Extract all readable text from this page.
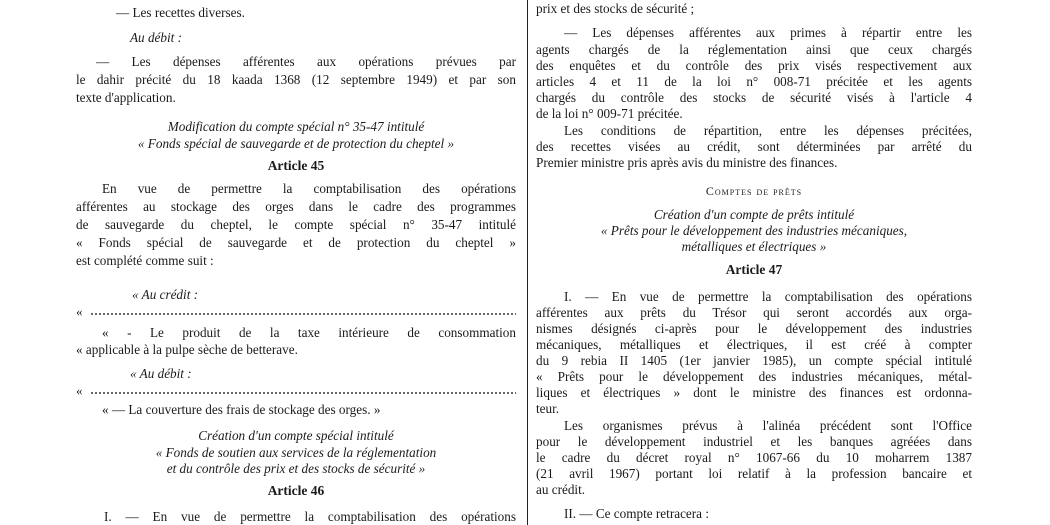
— Les recettes diverses.

Au débit :

— Les dépenses afférentes aux opérations prévues par

le dahir précité du 18 kaada 1368 (12 septembre 1949) et par son

texte d'application.

Modification du compte spécial n° 35-47 intitulé

« Fonds spécial de sauvegarde et de protection du cheptel »

Article 45

En vue de permettre la comptabilisation des opérations

afférentes au stockage des orges dans le cadre des programmes

de sauvegarde du cheptel, le compte spécial n° 35-47 intitulé

« Fonds spécial de sauvegarde et de protection du cheptel »

est complété comme suit :

« Au crédit :

«

« - Le produit de la taxe intérieure de consommation

« applicable à la pulpe sèche de betterave.

« Au débit :

«

« — La couverture des frais de stockage des orges. »

Création d'un compte spécial intitulé

« Fonds de soutien aux services de la réglementation

et du contrôle des prix et des stocks de sécurité »

Article 46

I. — En vue de permettre la comptabilisation des opérations

prix et des stocks de sécurité ;

— Les dépenses afférentes aux primes à répartir entre les

agents chargés de la réglementation ainsi que ceux chargés

des enquêtes et du contrôle des prix visés respectivement aux

articles 4 et 11 de la loi n° 008-71 précitée et les agents

chargés du contrôle des stocks de sécurité visés à l'article 4

de la loi n° 009-71 précitée.

Les conditions de répartition, entre les dépenses précitées,

des recettes visées au crédit, sont déterminées par arrêté du

Premier ministre pris après avis du ministre des finances.

Comptes de prêts

Création d'un compte de prêts intitulé

« Prêts pour le développement des industries mécaniques,

métalliques et électriques »

Article 47

I. — En vue de permettre la comptabilisation des opérations

afférentes aux prêts du Trésor qui seront accordés aux orga-

nismes désignés ci-après pour le développement des industries

mécaniques, métalliques et électriques, il est créé à compter

du 9 rebia II 1405 (1er janvier 1985), un compte spécial intitulé

« Prêts pour le développement des industries mécaniques, métal-

liques et électriques » dont le ministre des finances est ordonna-

teur.

Les organismes prévus à l'alinéa précédent sont l'Office

pour le développement industriel et les banques agréées dans

le cadre du décret royal n° 1067-66 du 10 moharrem 1387

(21 avril 1967) portant loi relatif à la profession bancaire et

au crédit.

II. — Ce compte retracera :
